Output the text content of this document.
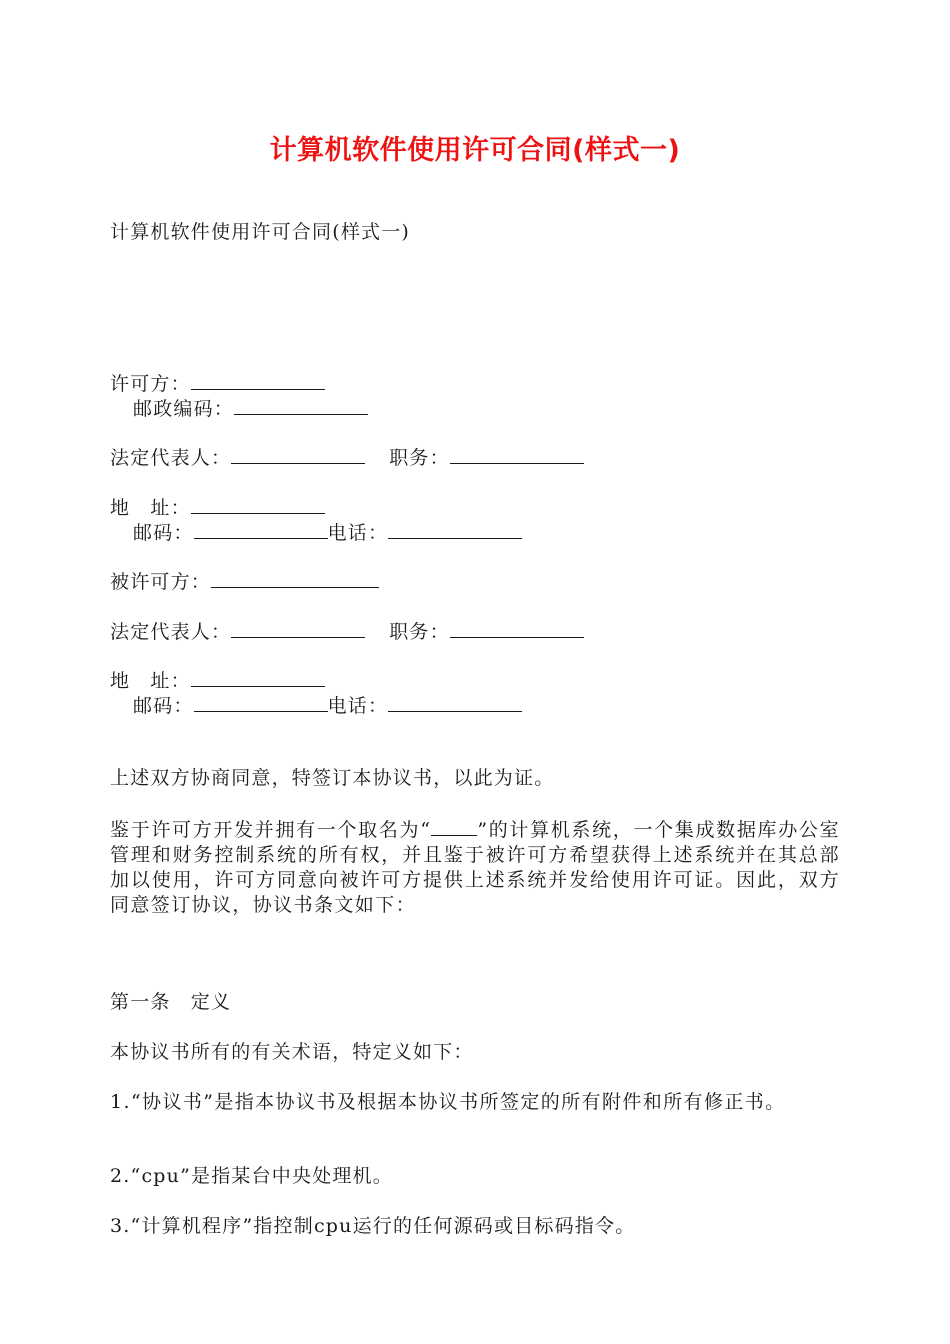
计算机软件使用许可合同(样式一)
计算机软件使用许可合同(样式一)
许可方：
邮政编码：
法定代表人：	职务：
地　址：
邮码：	电话：
被许可方：
法定代表人：	职务：
地　址：
邮码：	电话：
上述双方协商同意，特签订本协议书，以此为证。
鉴于许可方开发并拥有一个取名为“ ”的计算机系统，一个集成数据库办公室管理和财务控制系统的所有权，并且鉴于被许可方希望获得上述系统并在其总部加以使用，许可方同意向被许可方提供上述系统并发给使用许可证。因此，双方同意签订协议，协议书条文如下：
第一条　定义
本协议书所有的有关术语，特定义如下：
1.“协议书”是指本协议书及根据本协议书所签定的所有附件和所有修正书。
2.“cpu”是指某台中央处理机。
3.“计算机程序”指控制cpu运行的任何源码或目标码指令。
